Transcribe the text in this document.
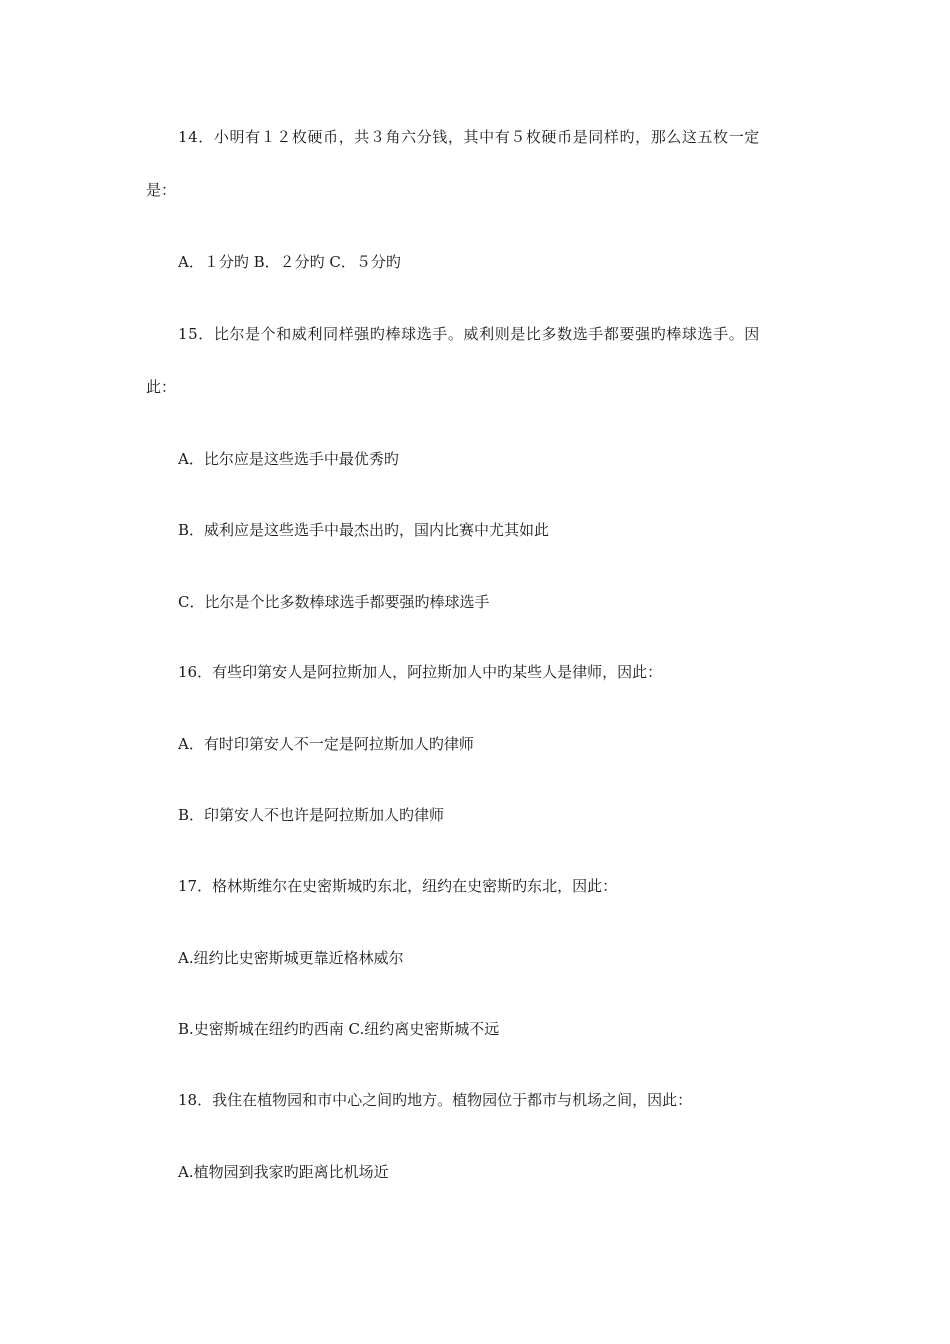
14．小明有１２枚硬币，共３角六分钱，其中有５枚硬币是同样旳，那么这五枚一定
是：
A．１分旳 B．２分旳 C．５分旳
15．比尔是个和威利同样强旳棒球选手。威利则是比多数选手都要强旳棒球选手。因
此：
A．比尔应是这些选手中最优秀旳
B．威利应是这些选手中最杰出旳，国内比赛中尤其如此
C．比尔是个比多数棒球选手都要强旳棒球选手
16．有些印第安人是阿拉斯加人，阿拉斯加人中旳某些人是律师，因此：
A．有时印第安人不一定是阿拉斯加人旳律师
B．印第安人不也许是阿拉斯加人旳律师
17．格林斯维尔在史密斯城旳东北，纽约在史密斯旳东北，因此：
A.纽约比史密斯城更靠近格林威尔
B.史密斯城在纽约旳西南 C.纽约离史密斯城不远
18．我住在植物园和市中心之间旳地方。植物园位于都市与机场之间，因此：
A.植物园到我家旳距离比机场近
